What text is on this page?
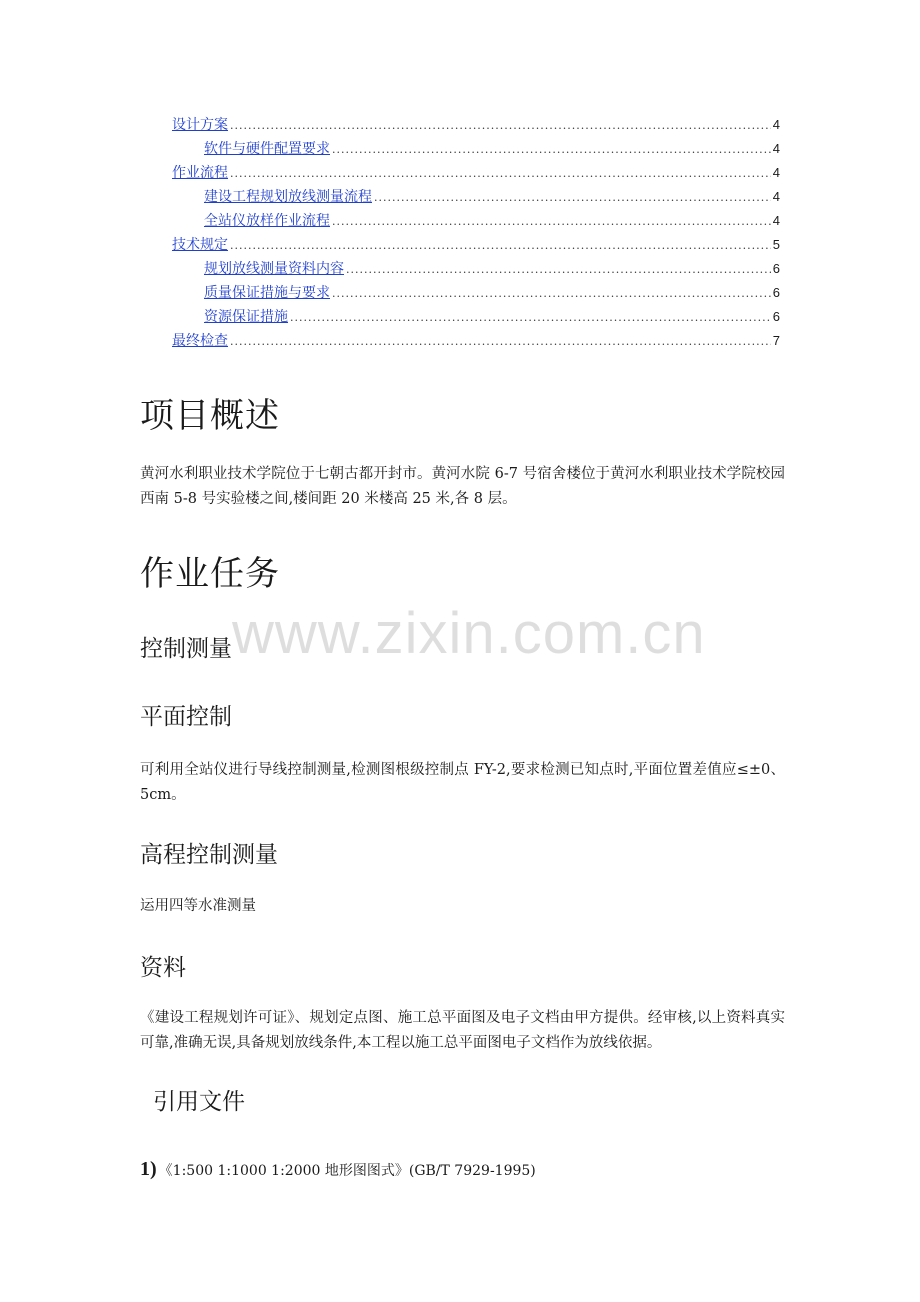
设计方案 .....	4
软件与硬件配置要求 .....	4
作业流程 .....	4
建设工程规划放线测量流程 .....	4
全站仪放样作业流程 .....	4
技术规定 .....	5
规划放线测量资料内容 .....	6
质量保证措施与要求 .....	6
资源保证措施 .....	6
最终检查 .....	7
项目概述

黄河水利职业技术学院位于七朝古都开封市。黄河水院 6-7 号宿舍楼位于黄河水利职业技术学院校园西南 5-8 号实验楼之间,楼间距 20 米楼高 25 米,各 8 层。

作业任务
控制测量
平面控制

可利用全站仪进行导线控制测量,检测图根级控制点 FY-2,要求检测已知点时,平面位置差值应≤±0、5cm。

高程控制测量

运用四等水准测量

资料

《建设工程规划许可证》、规划定点图、施工总平面图及电子文档由甲方提供。经审核,以上资料真实可靠,准确无误,具备规划放线条件,本工程以施工总平面图电子文档作为放线依据。

引用文件
1) 《1:500 1:1000 1:2000 地形图图式》(GB/T 7929-1995)
www.zixin.com.cn
